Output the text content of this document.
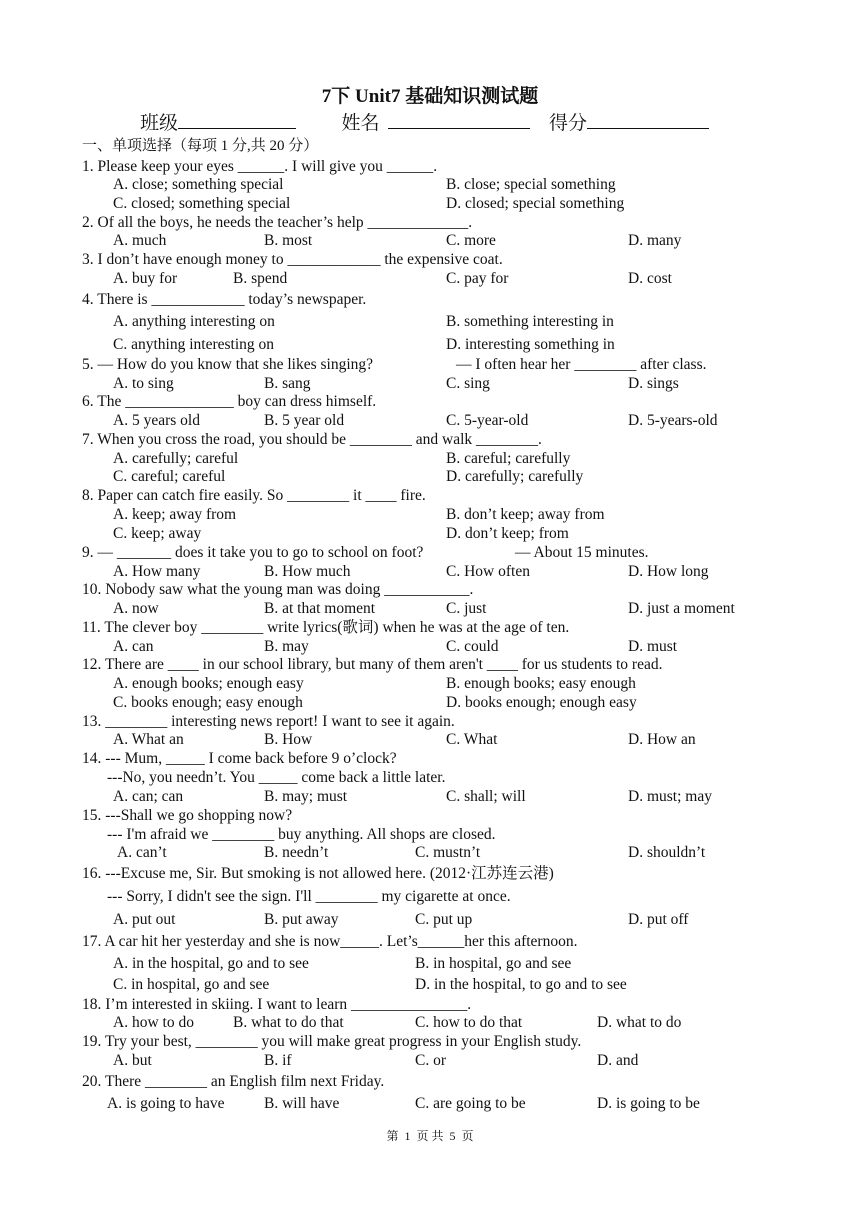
7下 Unit7 基础知识测试题
班级	姓名	得分
一、单项选择（每项 1 分,共 20 分）
1. Please keep your eyes ______. I will give you ______.
A. close; something special	B. close; special something
C. closed; something special	D. closed; special something
2. Of all the boys, he needs the teacher’s help _____________.
A. much	B. most	C. more	D. many
3. I don’t have enough money to ____________ the expensive coat.
A. buy for	B. spend	C. pay for	D. cost
4. There is ____________ today’s newspaper.
A. anything interesting on	B. something interesting in
C. anything interesting on	D. interesting something in
5. — How do you know that she likes singing?	— I often hear her ________ after class.
A. to sing	B. sang	C. sing	D. sings
6. The ______________ boy can dress himself.
A. 5 years old	B. 5 year old	C. 5-year-old	D. 5-years-old
7. When you cross the road, you should be ________ and walk ________.
A. carefully; careful	B. careful; carefully
C. careful; careful	D. carefully; carefully
8. Paper can catch fire easily. So ________ it ____ fire.
A. keep; away from	B. don’t keep; away from
C. keep; away	D. don’t keep; from
9. — _______ does it take you to go to school on foot?	— About 15 minutes.
A. How many	B. How much	C. How often	D. How long
10. Nobody saw what the young man was doing ___________.
A. now	B. at that moment	C. just	D. just a moment
11. The clever boy ________ write lyrics(歌词) when he was at the age of ten.
A. can	B. may	C. could	D. must
12. There are ____ in our school library, but many of them aren't ____ for us students to read.
A. enough books; enough easy	B. enough books; easy enough
C. books enough; easy enough	D. books enough; enough easy
13. ________ interesting news report! I want to see it again.
A. What an	B. How	C. What	D. How an
14. --- Mum, _____ I come back before 9 o’clock?
---No, you needn’t. You _____ come back a little later.
A. can; can	B. may; must	C. shall; will	D. must; may
15. ---Shall we go shopping now?
--- I'm afraid we ________ buy anything. All shops are closed.
A. can’t	B. needn’t	C. mustn’t	D. shouldn’t
16. ---Excuse me, Sir. But smoking is not allowed here. (2012·江苏连云港)
--- Sorry, I didn't see the sign. I'll ________ my cigarette at once.
A. put out	B. put away	C. put up	D. put off
17. A car hit her yesterday and she is now_____. Let’s______her this afternoon.
A. in the hospital, go and to see	B. in hospital, go and see
C. in hospital, go and see	D. in the hospital, to go and to see
18. I’m interested in skiing. I want to learn _______________.
A. how to do	B. what to do that	C. how to do that	D. what to do
19. Try your best, ________ you will make great progress in your English study.
A. but	B. if	C. or	D. and
20. There ________ an English film next Friday.
A. is going to have	B. will have	C. are going to be	D. is going to be
第 1 页 共 5 页
